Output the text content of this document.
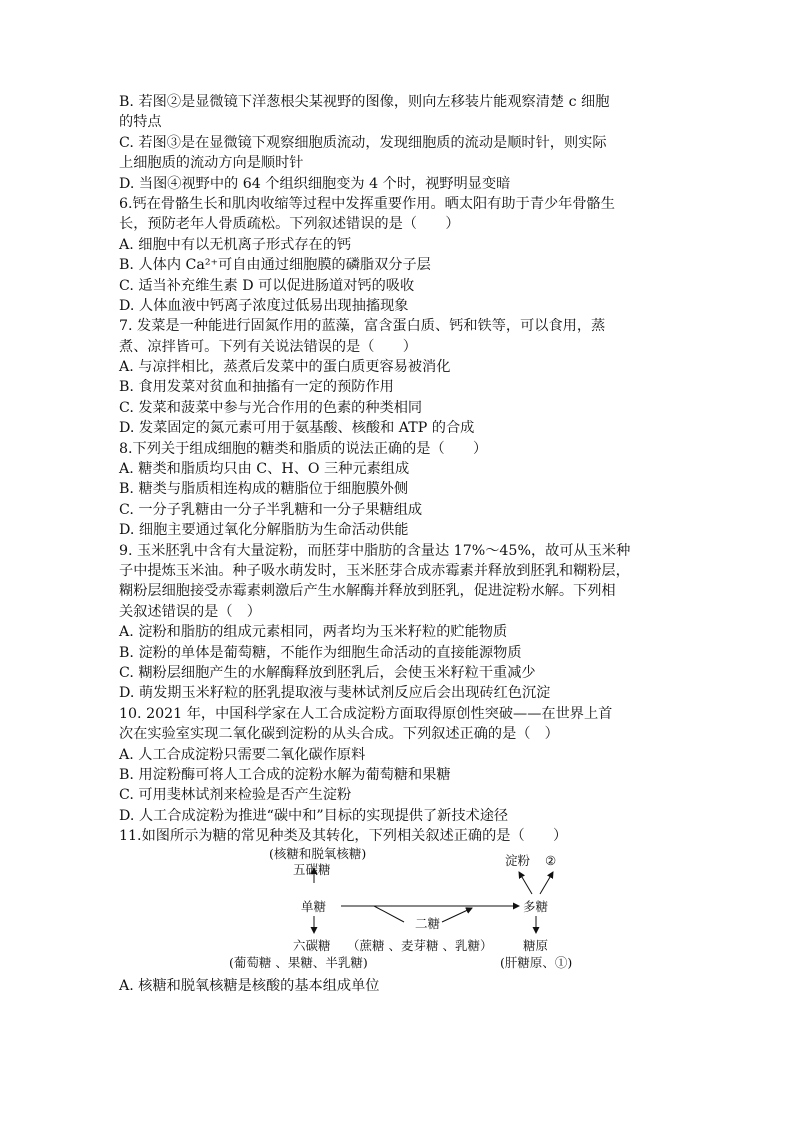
B. 若图②是显微镜下洋葱根尖某视野的图像，则向左移装片能观察清楚 c 细胞
的特点
C. 若图③是在显微镜下观察细胞质流动，发现细胞质的流动是顺时针，则实际
上细胞质的流动方向是顺时针
D. 当图④视野中的 64 个组织细胞变为 4 个时，视野明显变暗
6.钙在骨骼生长和肌肉收缩等过程中发挥重要作用。晒太阳有助于青少年骨骼生
长，预防老年人骨质疏松。下列叙述错误的是（　　）
A. 细胞中有以无机离子形式存在的钙
B. 人体内 Ca²⁺可自由通过细胞膜的磷脂双分子层
C. 适当补充维生素 D 可以促进肠道对钙的吸收
D. 人体血液中钙离子浓度过低易出现抽搐现象
7. 发菜是一种能进行固氮作用的蓝藻，富含蛋白质、钙和铁等，可以食用，蒸
煮、凉拌皆可。下列有关说法错误的是（　　）
A. 与凉拌相比，蒸煮后发菜中的蛋白质更容易被消化
B. 食用发菜对贫血和抽搐有一定的预防作用
C. 发菜和菠菜中参与光合作用的色素的种类相同
D. 发菜固定的氮元素可用于氨基酸、核酸和 ATP 的合成
8.下列关于组成细胞的糖类和脂质的说法正确的是（　　）
A. 糖类和脂质均只由 C、H、O 三种元素组成
B. 糖类与脂质相连构成的糖脂位于细胞膜外侧
C. 一分子乳糖由一分子半乳糖和一分子果糖组成
D. 细胞主要通过氧化分解脂肪为生命活动供能
9. 玉米胚乳中含有大量淀粉，而胚芽中脂肪的含量达 17%～45%，故可从玉米种
子中提炼玉米油。种子吸水萌发时，玉米胚芽合成赤霉素并释放到胚乳和糊粉层，
糊粉层细胞接受赤霉素刺激后产生水解酶并释放到胚乳，促进淀粉水解。下列相
关叙述错误的是（　）
A. 淀粉和脂肪的组成元素相同，两者均为玉米籽粒的贮能物质
B. 淀粉的单体是葡萄糖，不能作为细胞生命活动的直接能源物质
C. 糊粉层细胞产生的水解酶释放到胚乳后，会使玉米籽粒干重减少
D. 萌发期玉米籽粒的胚乳提取液与斐林试剂反应后会出现砖红色沉淀
10. 2021 年，中国科学家在人工合成淀粉方面取得原创性突破——在世界上首
次在实验室实现二氧化碳到淀粉的从头合成。下列叙述正确的是（　）
A. 人工合成淀粉只需要二氧化碳作原料
B. 用淀粉酶可将人工合成的淀粉水解为葡萄糖和果糖
C. 可用斐林试剂来检验是否产生淀粉
D. 人工合成淀粉为推进“碳中和”目标的实现提供了新技术途径
11.如图所示为糖的常见种类及其转化，下列相关叙述正确的是（　　）
(核糖和脱氧核糖)
五碳糖
单糖
二糖
多糖
六碳糖
(葡萄糖 、果糖、半乳糖)
（蔗糖 、麦芽糖 、乳糖）
淀粉 ②
糖原
(肝糖原、①)
A. 核糖和脱氧核糖是核酸的基本组成单位
